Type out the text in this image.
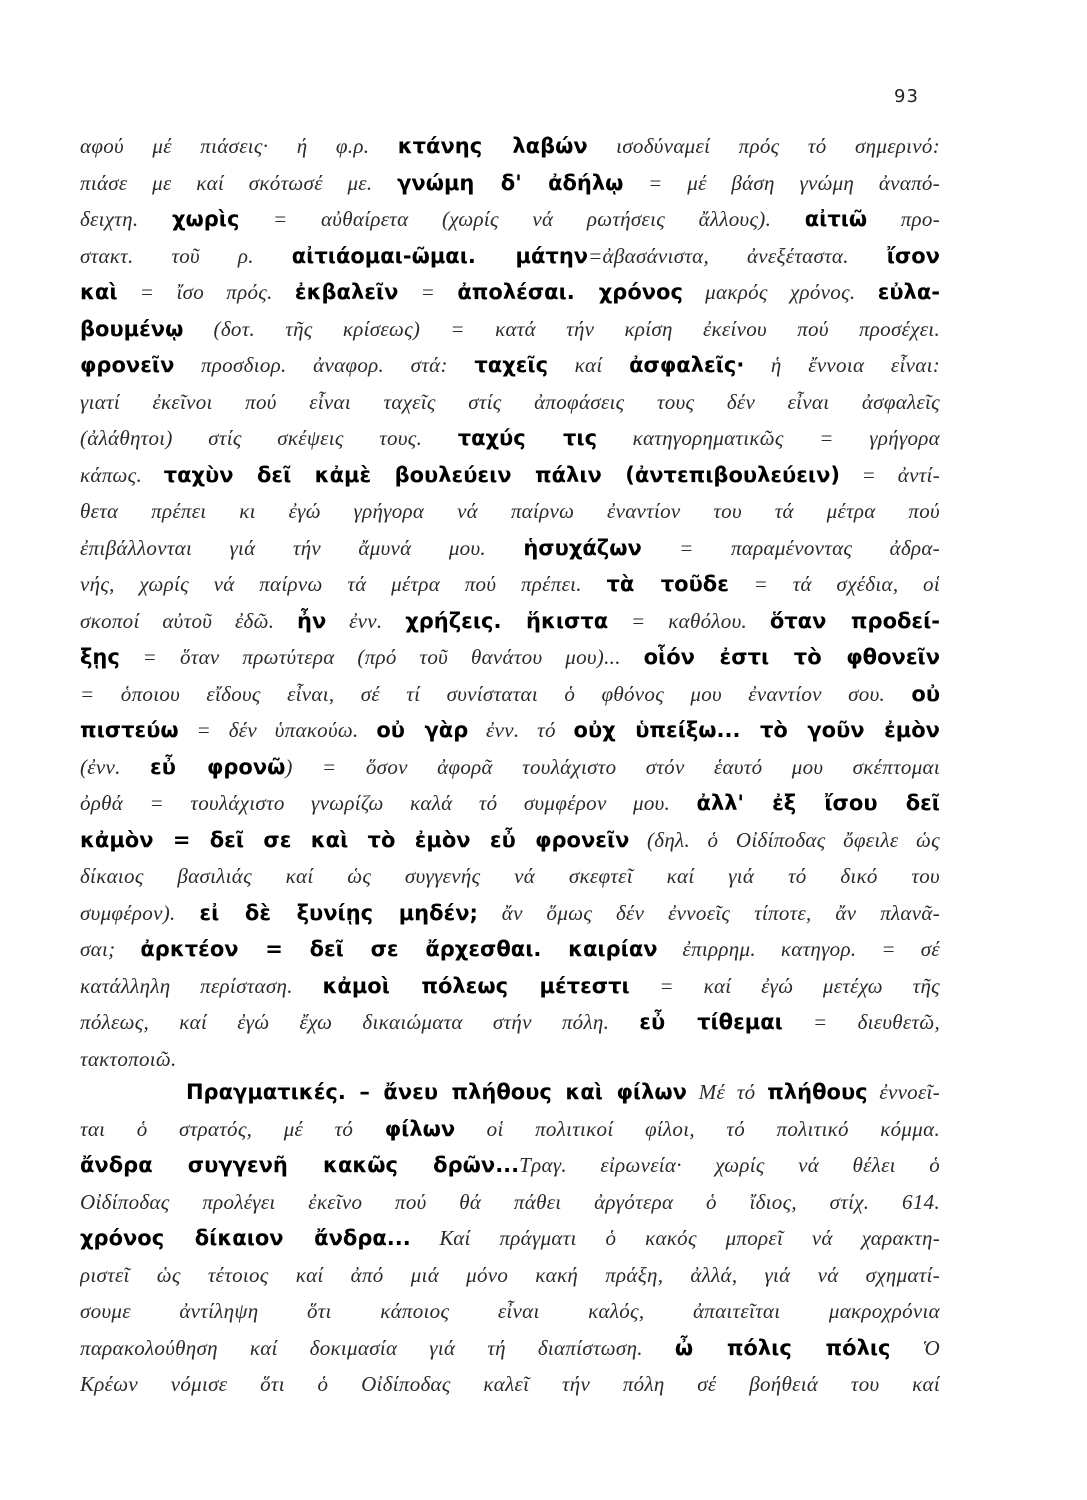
93
αφού μέ πιάσεις· ή φ.ρ. κτάνης λαβών ισοδύναμεί πρός τό σημερινό:
πιάσε με καί σκότωσέ με. γνώμη δ' ἀδήλῳ = μέ βάση γνώμη ἀναπό-
δειχτη. χωρὶς = αὐθαίρετα (χωρίς νά ρωτήσεις ἄλλους). αἰτιῶ προ-
στακτ. τοῦ ρ. αἰτιάομαι-ῶμαι. μάτην=ἀβασάνιστα, ἀνεξέταστα. ἴσον
καὶ = ἴσο πρός. ἐκβαλεῖν = ἀπολέσαι. χρόνος μακρός χρόνος. εὐλα-
βουμένῳ (δοτ. τῆς κρίσεως) = κατά τήν κρίση ἐκείνου πού προσέχει.
φρονεῖν προσδιορ. ἀναφορ. στά: ταχεῖς καί ἀσφαλεῖς· ἡ ἔννοια εἶναι:
γιατί ἐκεῖνοι πού εἶναι ταχεῖς στίς ἀποφάσεις τους δέν εἶναι ἀσφαλεῖς
(ἀλάθητοι) στίς σκέψεις τους. ταχύς τις κατηγορηματικῶς = γρήγορα
κάπως. ταχὺν δεῖ κἀμὲ βουλεύειν πάλιν (ἀντεπιβουλεύειν) = ἀντί-
θετα πρέπει κι ἐγώ γρήγορα νά παίρνω ἐναντίον του τά μέτρα πού
ἐπιβάλλονται γιά τήν ἄμυνά μου. ἡσυχάζων = παραμένοντας ἀδρα-
νής, χωρίς νά παίρνω τά μέτρα πού πρέπει. τὰ τοῦδε = τά σχέδια, οἱ
σκοποί αὐτοῦ ἐδῶ. ἦν ἐνν. χρήζεις. ἥκιστα = καθόλου. ὅταν προδεί-
ξῃς = ὅταν πρωτύτερα (πρό τοῦ θανάτου μου)... οἷόν ἐστι τὸ φθονεῖν
= ὁποιου εἴδους εἶναι, σέ τί συνίσταται ὁ φθόνος μου ἐναντίον σου. οὐ
πιστεύω = δέν ὑπακούω. οὐ γὰρ ἐνν. τό οὐχ ὑπείξω... τὸ γοῦν ἐμὸν
(ἐνν. εὖ φρονῶ) = ὅσον ἀφορᾶ τουλάχιστο στόν ἑαυτό μου σκέπτομαι
ὀρθά = τουλάχιστο γνωρίζω καλά τό συμφέρον μου. ἀλλ' ἐξ ἴσου δεῖ
κἀμὸν = δεῖ σε καὶ τὸ ἐμὸν εὖ φρονεῖν (δηλ. ὁ Οἰδίποδας ὄφειλε ὡς
δίκαιος βασιλιάς καί ὡς συγγενής νά σκεφτεῖ καί γιά τό δικό του
συμφέρον). εἰ δὲ ξυνίῃς μηδέν; ἄν ὅμως δέν ἐννοεῖς τίποτε, ἄν πλανᾶ-
σαι; ἀρκτέον = δεῖ σε ἄρχεσθαι. καιρίαν ἐπιρρημ. κατηγορ. = σέ
κατάλληλη περίσταση. κἀμοὶ πόλεως μέτεστι = καί ἐγώ μετέχω τῆς
πόλεως, καί ἐγώ ἔχω δικαιώματα στήν πόλη. εὖ τίθεμαι = διευθετῶ,
τακτοποιῶ.
Πραγματικές. – ἄνευ πλήθους καὶ φίλων Μέ τό πλήθους ἐννοεῖ-
ται ὁ στρατός, μέ τό φίλων οἱ πολιτικοί φίλοι, τό πολιτικό κόμμα.
ἄνδρα συγγενῆ κακῶς δρῶν...Τραγ. εἰρωνεία· χωρίς νά θέλει ὁ
Οἰδίποδας προλέγει ἐκεῖνο πού θά πάθει ἀργότερα ὁ ἴδιος, στίχ. 614.
χρόνος δίκαιον ἄνδρα... Καί πράγματι ὁ κακός μπορεῖ νά χαρακτη-
ριστεῖ ὡς τέτοιος καί ἀπό μιά μόνο κακή πράξη, ἀλλά, γιά νά σχηματί-
σουμε ἀντίληψη ὅτι κάποιος εἶναι καλός, ἀπαιτεῖται μακροχρόνια
παρακολούθηση καί δοκιμασία γιά τή διαπίστωση. ὦ πόλις πόλις Ὁ
Κρέων νόμισε ὅτι ὁ Οἰδίποδας καλεῖ τήν πόλη σέ βοήθειά του καί
